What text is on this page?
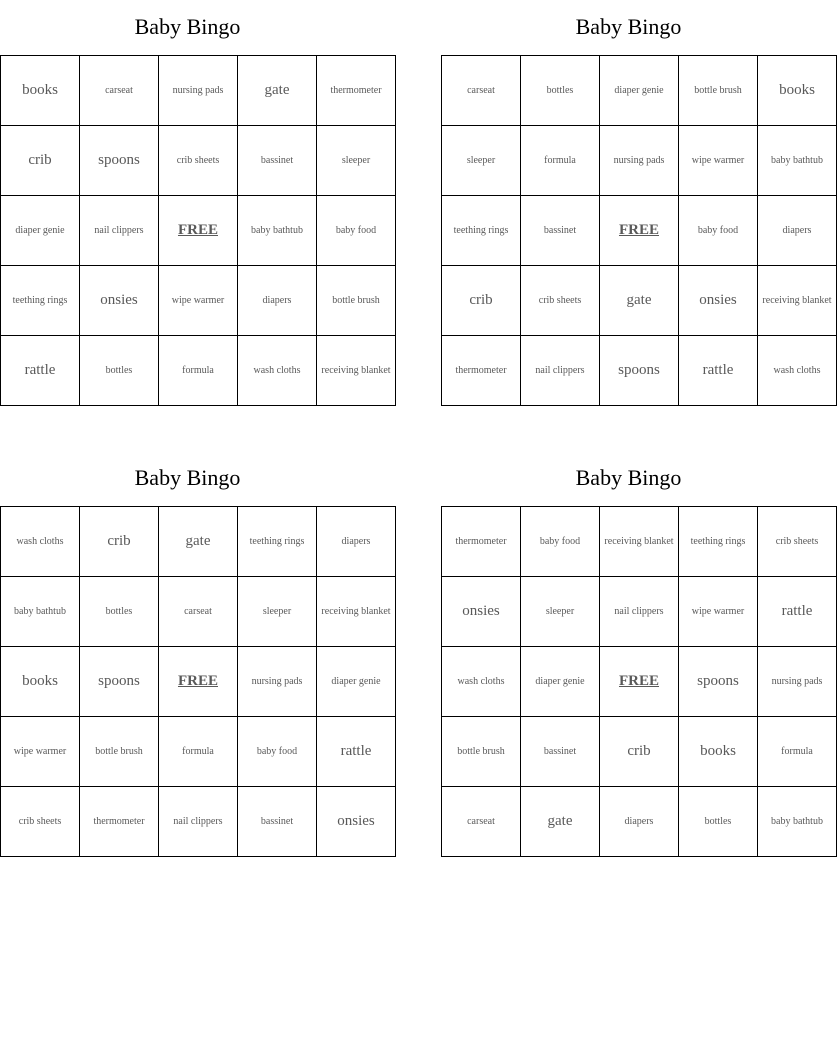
Baby Bingo
books	carseat	nursing pads	gate	thermometer
crib	spoons	crib sheets	bassinet	sleeper
diaper genie	nail clippers	FREE	baby bathtub	baby food
teething rings	onsies	wipe warmer	diapers	bottle brush
rattle	bottles	formula	wash cloths	receiving blanket
Baby Bingo
carseat	bottles	diaper genie	bottle brush	books
sleeper	formula	nursing pads	wipe warmer	baby bathtub
teething rings	bassinet	FREE	baby food	diapers
crib	crib sheets	gate	onsies	receiving blanket
thermometer	nail clippers	spoons	rattle	wash cloths
Baby Bingo
wash cloths	crib	gate	teething rings	diapers
baby bathtub	bottles	carseat	sleeper	receiving blanket
books	spoons	FREE	nursing pads	diaper genie
wipe warmer	bottle brush	formula	baby food	rattle
crib sheets	thermometer	nail clippers	bassinet	onsies
Baby Bingo
thermometer	baby food	receiving blanket	teething rings	crib sheets
onsies	sleeper	nail clippers	wipe warmer	rattle
wash cloths	diaper genie	FREE	spoons	nursing pads
bottle brush	bassinet	crib	books	formula
carseat	gate	diapers	bottles	baby bathtub
